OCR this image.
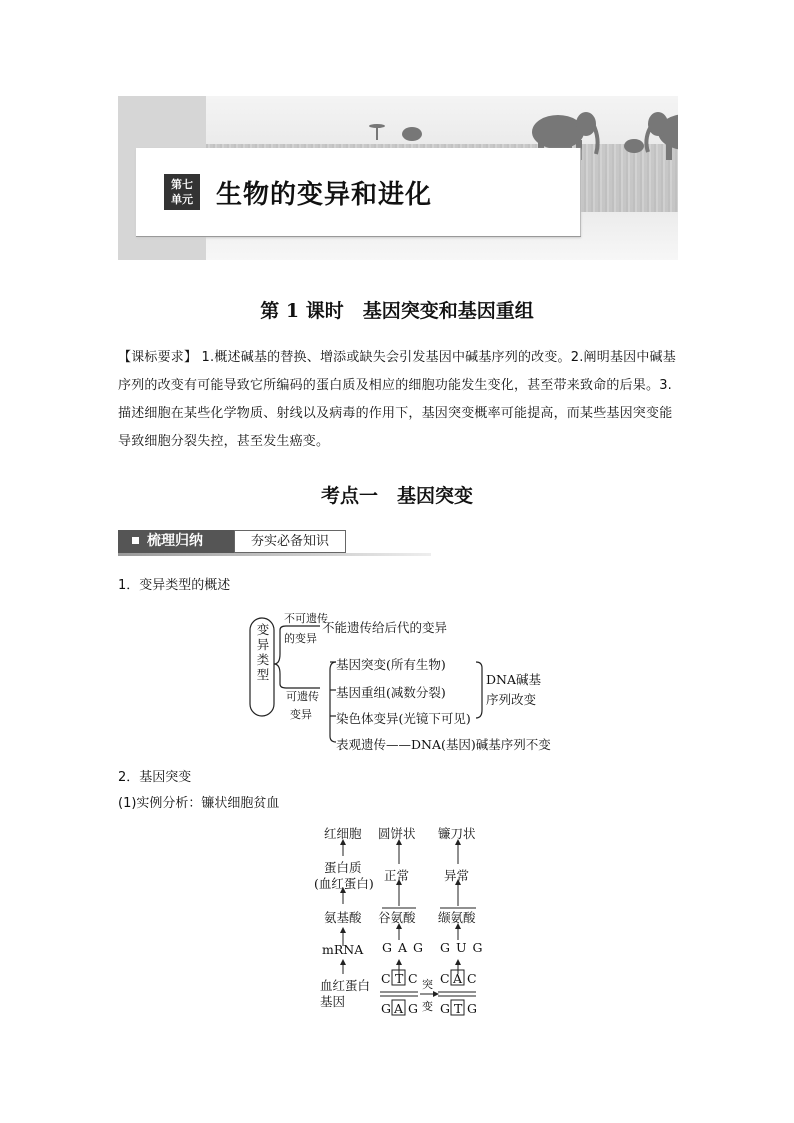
第七
单元 生物的变异和进化
第 1 课时　基因突变和基因重组
【课标要求】 1.概述碱基的替换、增添或缺失会引发基因中碱基序列的改变。2.阐明基因中碱基序列的改变有可能导致它所编码的蛋白质及相应的细胞功能发生变化，甚至带来致命的后果。3.描述细胞在某些化学物质、射线以及病毒的作用下，基因突变概率可能提高，而某些基因突变能导致细胞分裂失控，甚至发生癌变。
考点一　基因突变
梳理归纳	夯实必备知识
1．变异类型的概述
变
异
类
型
不可遗传
的变异
不能遗传给后代的变异
可遗传
变异
基因突变(所有生物)
基因重组(减数分裂)
染色体变异(光镜下可见)
表观遗传——DNA(基因)碱基序列不变
DNA碱基
序列改变
2．基因突变
(1)实例分析：镰状细胞贫血
红细胞
蛋白质
(血红蛋白)
氨基酸
mRNA
血红蛋白
基因
圆饼状
正常
谷氨酸
镰刀状
异常
缬氨酸
G A G G U G
C T C
G A G
C A C
G T G
突
变
